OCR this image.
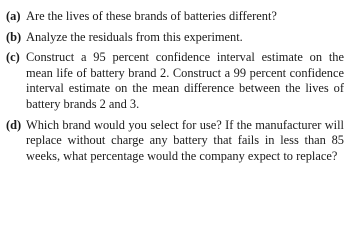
(a) Are the lives of these brands of batteries different?
(b) Analyze the residuals from this experiment.
(c) Construct a 95 percent confidence interval estimate on the mean life of battery brand 2. Construct a 99 percent confidence interval estimate on the mean difference between the lives of battery brands 2 and 3.
(d) Which brand would you select for use? If the manufacturer will replace without charge any battery that fails in less than 85 weeks, what percentage would the company expect to replace?
